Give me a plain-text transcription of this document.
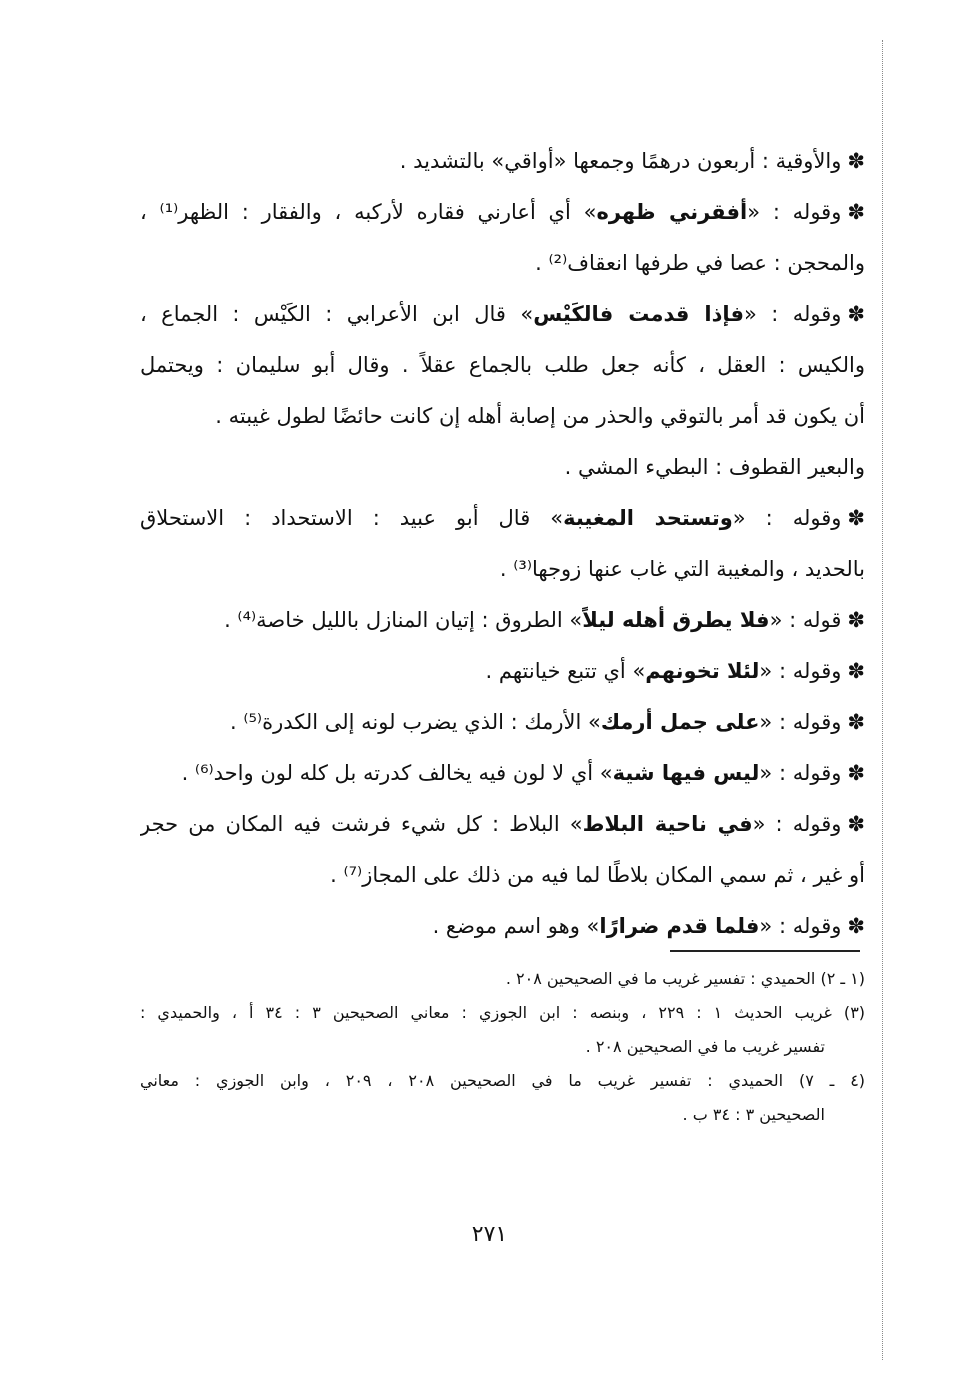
✽والأوقية : أربعون درهمًا وجمعها «أواقي» بالتشديد .
✽وقوله : «أفقرني ظهره» أي أعارني فقاره لأركبه ، والفقار : الظهر⁽¹⁾ ،
والمحجن : عصا في طرفها انعقاف⁽²⁾ .
✽وقوله : «فإذا قدمت فالكَيْس» قال ابن الأعرابي : الكَيْس : الجماع ،
والكيس : العقل ، كأنه جعل طلب بالجماع عقلاً . وقال أبو سليمان : ويحتمل
أن يكون قد أمر بالتوقي والحذر من إصابة أهله إن كانت حائضًا لطول غيبته .
والبعير القطوف : البطيء المشي .
✽وقوله : «وتستحد المغيبة» قال أبو عبيد : الاستحداد : الاستحلاق
بالحديد ، والمغيبة التي غاب عنها زوجها⁽³⁾ .
✽قوله : «فلا يطرق أهله ليلاً» الطروق : إتيان المنازل بالليل خاصة⁽⁴⁾ .
✽وقوله : «لئلا تخونهم» أي تتبع خيانتهم .
✽وقوله : «على جمل أرمك» الأرمك : الذي يضرب لونه إلى الكدرة⁽⁵⁾ .
✽وقوله : «ليس فيها شية» أي لا لون فيه يخالف كدرته بل كله لون واحد⁽⁶⁾ .
✽وقوله : «في ناحية البلاط» البلاط : كل شيء فرشت فيه المكان من حجر
أو غير ، ثم سمي المكان بلاطًا لما فيه من ذلك على المجاز⁽⁷⁾ .
✽وقوله : «فلما قدم ضرارًا» وهو اسم موضع .
(١ ـ ٢) الحميدي : تفسير غريب ما في الصحيحين ٢٠٨ .
(٣) غريب الحديث ١ : ٢٢٩ ، وبنصه : ابن الجوزي : معاني الصحيحين ٣ : ٣٤ أ ، والحميدي :
تفسير غريب ما في الصحيحين ٢٠٨ .
(٤ ـ ٧) الحميدي : تفسير غريب ما في الصحيحين ٢٠٨ ، ٢٠٩ ، وابن الجوزي : معاني
الصحيحين ٣ : ٣٤ ب .
٢٧١
